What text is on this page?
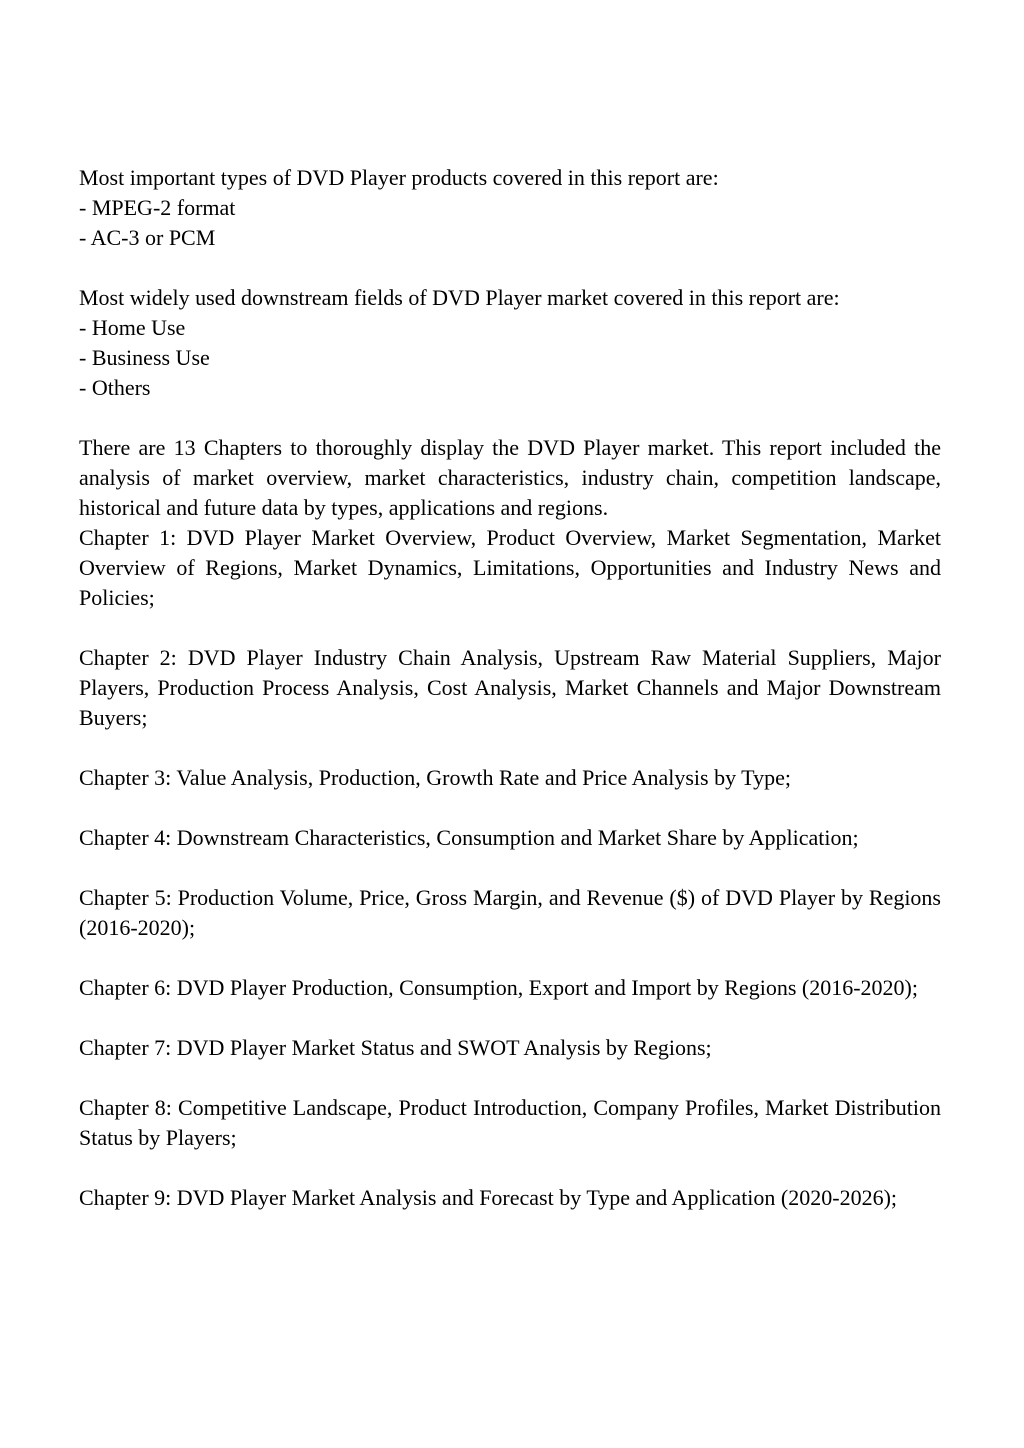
Most important types of DVD Player products covered in this report are:
- MPEG-2 format
- AC-3 or PCM
Most widely used downstream fields of DVD Player market covered in this report are:
- Home Use
- Business Use
- Others
There are 13 Chapters to thoroughly display the DVD Player market. This report included the analysis of market overview, market characteristics, industry chain, competition landscape, historical and future data by types, applications and regions.
Chapter 1: DVD Player Market Overview, Product Overview, Market Segmentation, Market Overview of Regions, Market Dynamics, Limitations, Opportunities and Industry News and Policies;
Chapter 2: DVD Player Industry Chain Analysis, Upstream Raw Material Suppliers, Major Players, Production Process Analysis, Cost Analysis, Market Channels and Major Downstream Buyers;
Chapter 3: Value Analysis, Production, Growth Rate and Price Analysis by Type;
Chapter 4: Downstream Characteristics, Consumption and Market Share by Application;
Chapter 5: Production Volume, Price, Gross Margin, and Revenue ($) of DVD Player by Regions (2016-2020);
Chapter 6: DVD Player Production, Consumption, Export and Import by Regions (2016-2020);
Chapter 7: DVD Player Market Status and SWOT Analysis by Regions;
Chapter 8: Competitive Landscape, Product Introduction, Company Profiles, Market Distribution Status by Players;
Chapter 9: DVD Player Market Analysis and Forecast by Type and Application (2020-2026);
